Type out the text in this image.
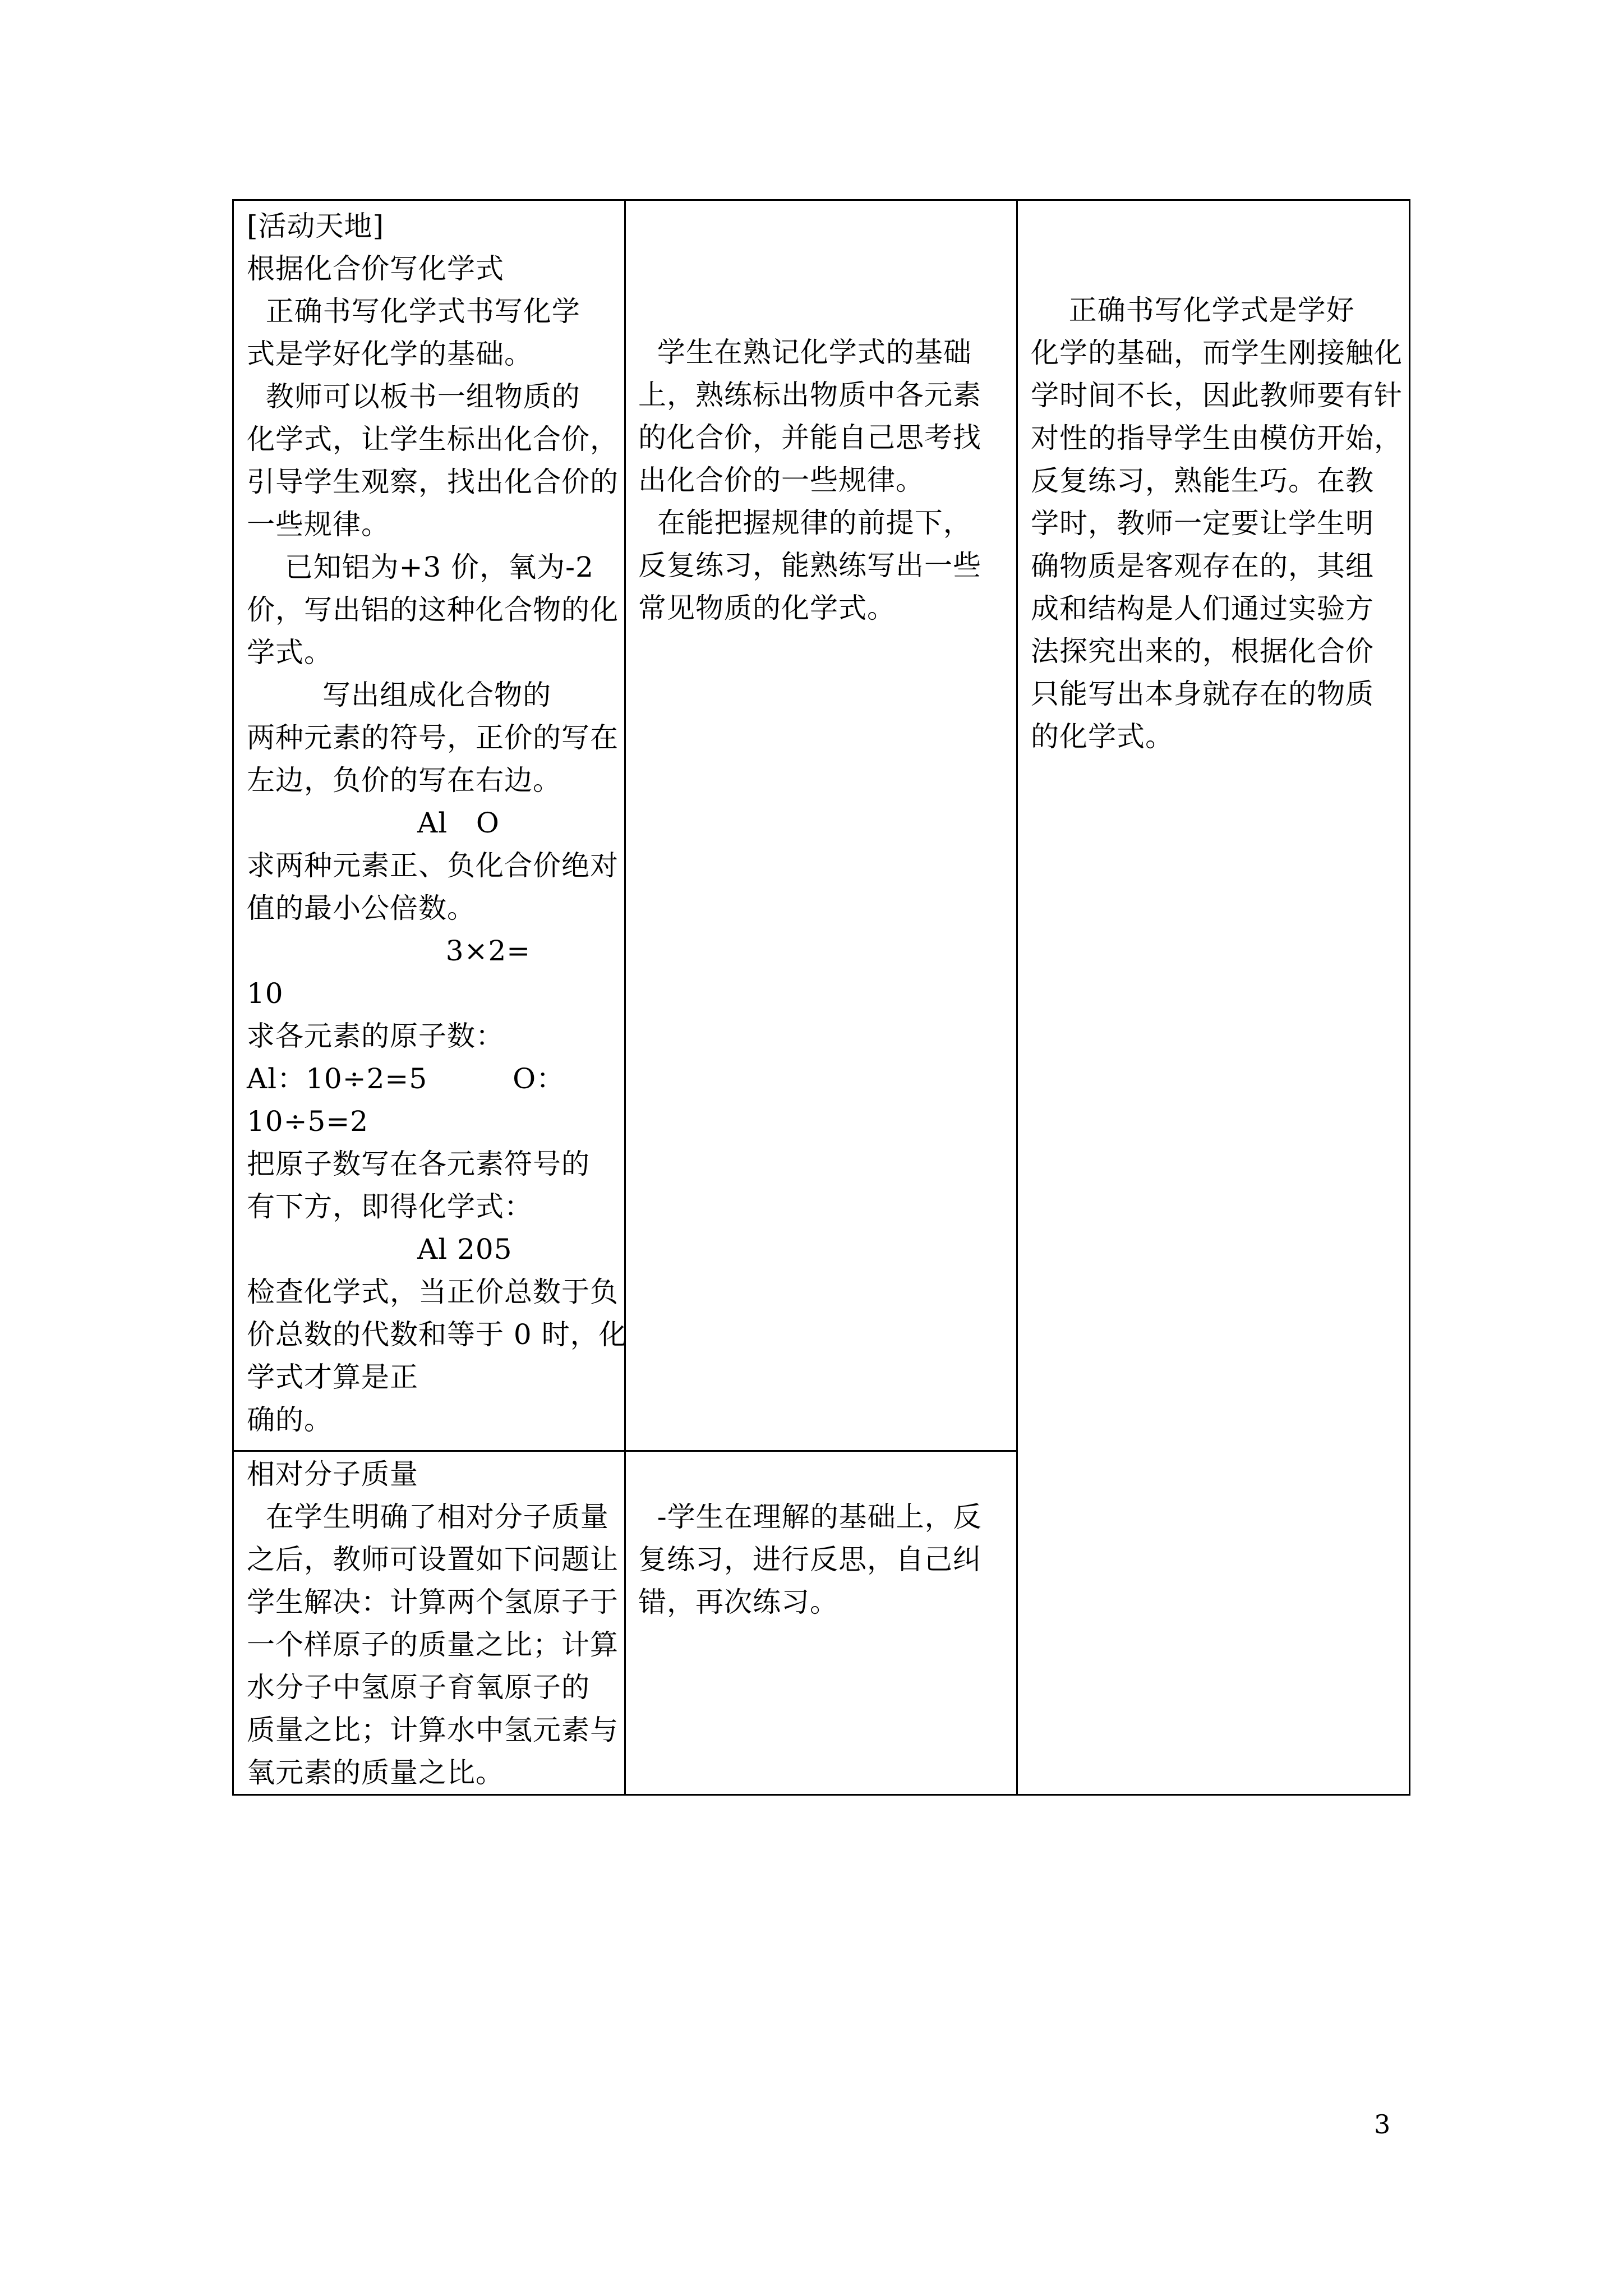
[活动天地]
根据化合价写化学式
正确书写化学式书写化学
式是学好化学的基础。
教师可以板书一组物质的
化学式，让学生标出化合价，
引导学生观察，找出化合价的
一些规律。
已知铝为+3 价，氧为-2
价，写出铝的这种化合物的化
学式。
写出组成化合物的
两种元素的符号，正价的写在
左边，负价的写在右边。
Al   O
求两种元素正、负化合价绝对
值的最小公倍数。
3×2=
10
求各元素的原子数：
Al：10÷2=5         O：
10÷5=2
把原子数写在各元素符号的
有下方，即得化学式：
Al 205
检查化学式，当正价总数于负
价总数的代数和等于 0 时，化
学式才算是正
确的。
学生在熟记化学式的基础
上，熟练标出物质中各元素
的化合价，并能自己思考找
出化合价的一些规律。
在能把握规律的前提下，
反复练习，能熟练写出一些
常见物质的化学式。
正确书写化学式是学好
化学的基础，而学生刚接触化
学时间不长，因此教师要有针
对性的指导学生由模仿开始，
反复练习，熟能生巧。在教
学时，教师一定要让学生明
确物质是客观存在的，其组
成和结构是人们通过实验方
法探究出来的，根据化合价
只能写出本身就存在的物质
的化学式。
相对分子质量
在学生明确了相对分子质量
之后，教师可设置如下问题让
学生解决：计算两个氢原子于
一个样原子的质量之比；计算
水分子中氢原子育氧原子的
质量之比；计算水中氢元素与
氧元素的质量之比。
-学生在理解的基础上，反
复练习，进行反思，自己纠
错，再次练习。
3
